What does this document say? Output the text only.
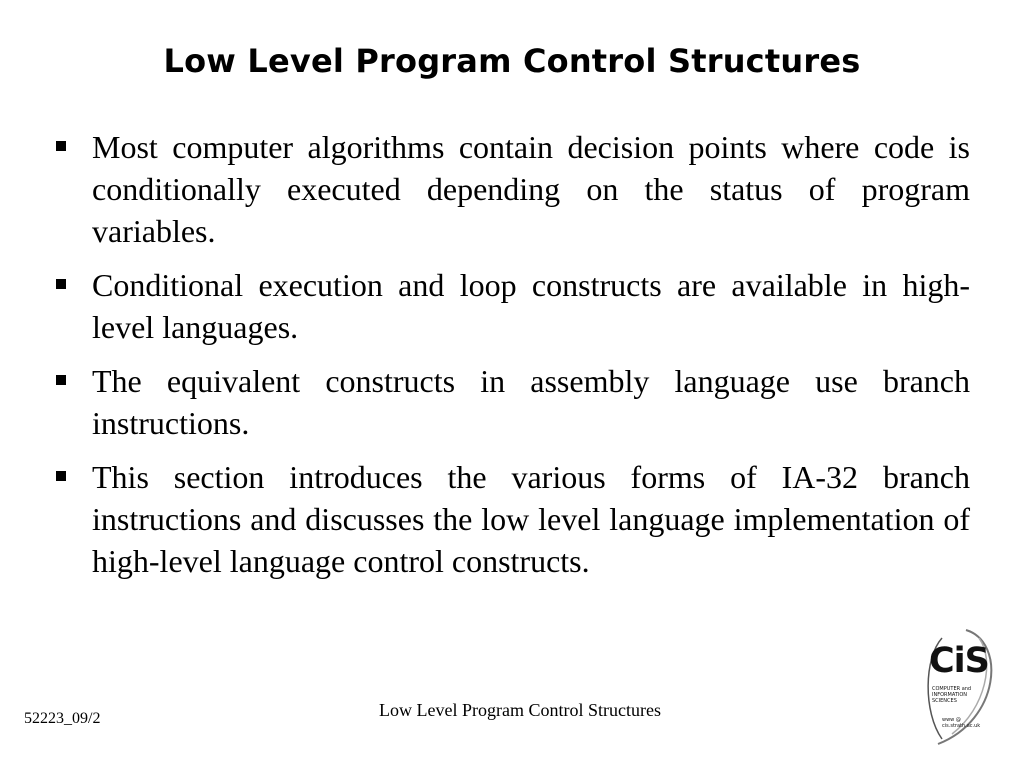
Low Level Program Control Structures
Most computer algorithms contain decision points where code is conditionally executed depending on the status of program variables.
Conditional execution and loop constructs are available in high-level languages.
The equivalent constructs in assembly language use branch instructions.
This section introduces the various forms of IA-32 branch instructions and discusses the low level language implementation of high-level language control constructs.
52223_09/2	Low Level Program Control Structures
CiS
COMPUTER and
INFORMATION
SCIENCES
www @ cis.strath.ac.uk
